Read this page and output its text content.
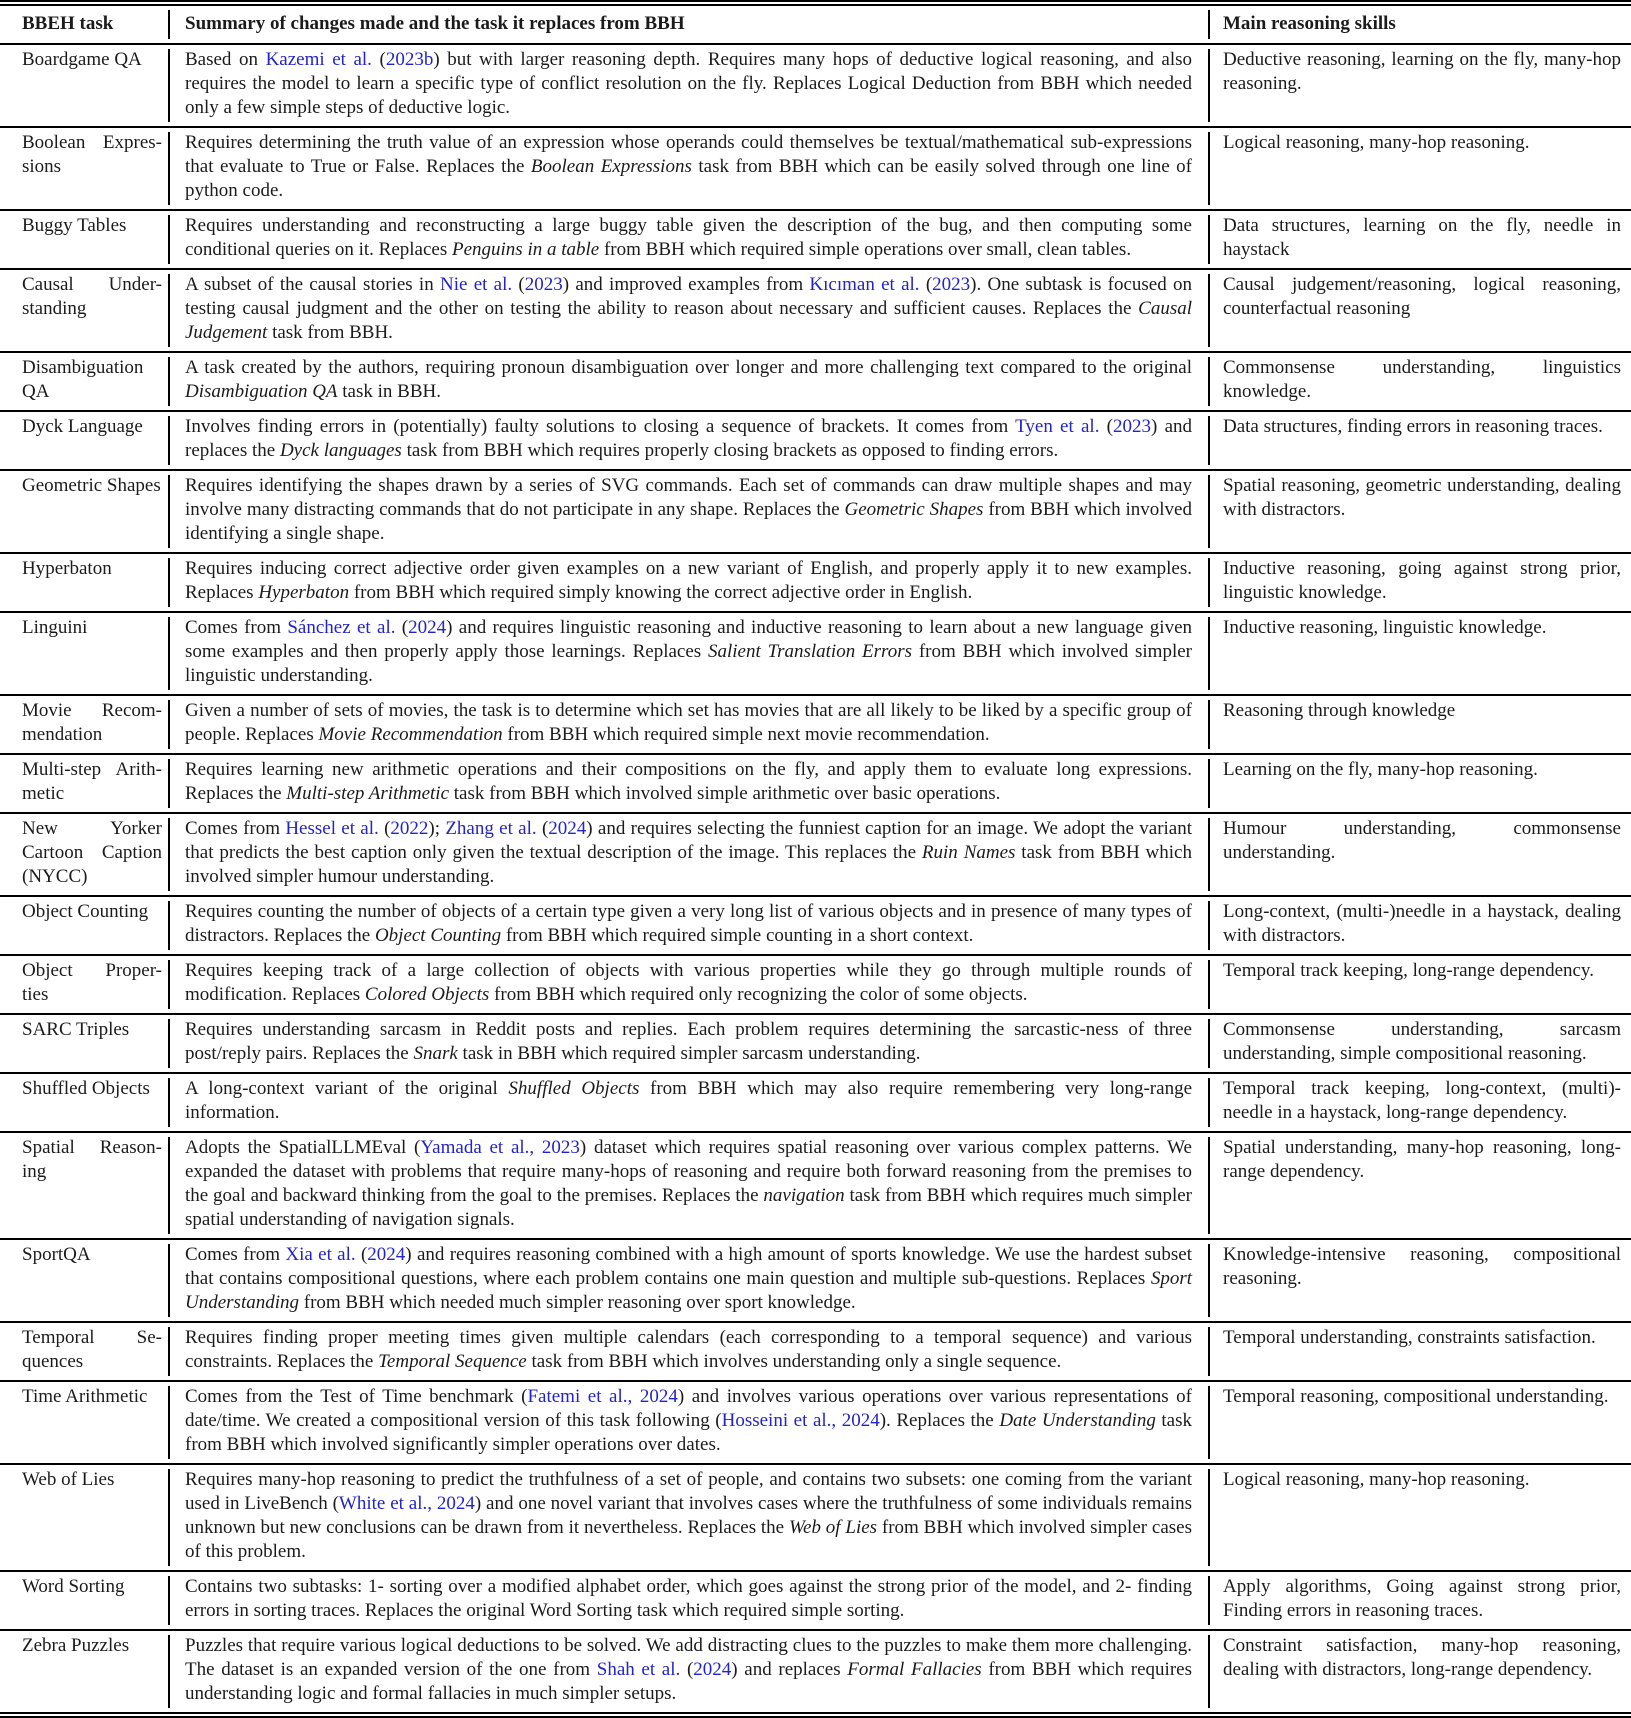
BBEH task	Summary of changes made and the task it replaces from BBH	Main reasoning skills
Boardgame QA	Based on Kazemi et al. (2023b) but with larger reasoning depth. Requires many hops of deductive logical reasoning, and also requires the model to learn a specific type of conflict resolution on the fly. Replaces Logical Deduction from BBH which needed only a few simple steps of deductive logic.	Deductive reasoning, learning on the fly, many-hop reasoning.
Boolean Expres- sions	Requires determining the truth value of an expression whose operands could themselves be textual/mathematical sub-expressions that evaluate to True or False. Replaces the Boolean Expressions task from BBH which can be easily solved through one line of python code.	Logical reasoning, many-hop reasoning.
Buggy Tables	Requires understanding and reconstructing a large buggy table given the description of the bug, and then computing some conditional queries on it. Replaces Penguins in a table from BBH which required simple operations over small, clean tables.	Data structures, learning on the fly, needle in haystack
Causal Under- standing	A subset of the causal stories in Nie et al. (2023) and improved examples from Kıcıman et al. (2023). One subtask is focused on testing causal judgment and the other on testing the ability to reason about necessary and sufficient causes. Replaces the Causal Judgement task from BBH.	Causal judgement/reasoning, logical reasoning, counterfactual reasoning
Disambiguation QA	A task created by the authors, requiring pronoun disambiguation over longer and more challenging text compared to the original Disambiguation QA task in BBH.	Commonsense understanding, linguistics knowledge.
Dyck Language	Involves finding errors in (potentially) faulty solutions to closing a sequence of brackets. It comes from Tyen et al. (2023) and replaces the Dyck languages task from BBH which requires properly closing brackets as opposed to finding errors.	Data structures, finding errors in reasoning traces.
Geometric Shapes	Requires identifying the shapes drawn by a series of SVG commands. Each set of commands can draw multiple shapes and may involve many distracting commands that do not participate in any shape. Replaces the Geometric Shapes from BBH which involved identifying a single shape.	Spatial reasoning, geometric understanding, dealing with distractors.
Hyperbaton	Requires inducing correct adjective order given examples on a new variant of English, and properly apply it to new examples. Replaces Hyperbaton from BBH which required simply knowing the correct adjective order in English.	Inductive reasoning, going against strong prior, linguistic knowledge.
Linguini	Comes from Sánchez et al. (2024) and requires linguistic reasoning and inductive reasoning to learn about a new language given some examples and then properly apply those learnings. Replaces Salient Translation Errors from BBH which involved simpler linguistic understanding.	Inductive reasoning, linguistic knowledge.
Movie Recom- mendation	Given a number of sets of movies, the task is to determine which set has movies that are all likely to be liked by a specific group of people. Replaces Movie Recommendation from BBH which required simple next movie recommendation.	Reasoning through knowledge
Multi-step Arith- metic	Requires learning new arithmetic operations and their compositions on the fly, and apply them to evaluate long expressions. Replaces the Multi-step Arithmetic task from BBH which involved simple arithmetic over basic operations.	Learning on the fly, many-hop reasoning.
New Yorker Cartoon Caption (NYCC)	Comes from Hessel et al. (2022); Zhang et al. (2024) and requires selecting the funniest caption for an image. We adopt the variant that predicts the best caption only given the textual description of the image. This replaces the Ruin Names task from BBH which involved simpler humour understanding.	Humour understanding, commonsense understanding.
Object Counting	Requires counting the number of objects of a certain type given a very long list of various objects and in presence of many types of distractors. Replaces the Object Counting from BBH which required simple counting in a short context.	Long-context, (multi-)needle in a haystack, dealing with distractors.
Object Proper- ties	Requires keeping track of a large collection of objects with various properties while they go through multiple rounds of modification. Replaces Colored Objects from BBH which required only recognizing the color of some objects.	Temporal track keeping, long-range dependency.
SARC Triples	Requires understanding sarcasm in Reddit posts and replies. Each problem requires determining the sarcastic-ness of three post/reply pairs. Replaces the Snark task in BBH which required simpler sarcasm understanding.	Commonsense understanding, sarcasm understanding, simple compositional reasoning.
Shuffled Objects	A long-context variant of the original Shuffled Objects from BBH which may also require remembering very long-range information.	Temporal track keeping, long-context, (multi)-needle in a haystack, long-range dependency.
Spatial Reason- ing	Adopts the SpatialLLMEval (Yamada et al., 2023) dataset which requires spatial reasoning over various complex patterns. We expanded the dataset with problems that require many-hops of reasoning and require both forward reasoning from the premises to the goal and backward thinking from the goal to the premises. Replaces the navigation task from BBH which requires much simpler spatial understanding of navigation signals.	Spatial understanding, many-hop reasoning, long-range dependency.
SportQA	Comes from Xia et al. (2024) and requires reasoning combined with a high amount of sports knowledge. We use the hardest subset that contains compositional questions, where each problem contains one main question and multiple sub-questions. Replaces Sport Understanding from BBH which needed much simpler reasoning over sport knowledge.	Knowledge-intensive reasoning, compositional reasoning.
Temporal Se- quences	Requires finding proper meeting times given multiple calendars (each corresponding to a temporal sequence) and various constraints. Replaces the Temporal Sequence task from BBH which involves understanding only a single sequence.	Temporal understanding, constraints satisfaction.
Time Arithmetic	Comes from the Test of Time benchmark (Fatemi et al., 2024) and involves various operations over various representations of date/time. We created a compositional version of this task following (Hosseini et al., 2024). Replaces the Date Understanding task from BBH which involved significantly simpler operations over dates.	Temporal reasoning, compositional understanding.
Web of Lies	Requires many-hop reasoning to predict the truthfulness of a set of people, and contains two subsets: one coming from the variant used in LiveBench (White et al., 2024) and one novel variant that involves cases where the truthfulness of some individuals remains unknown but new conclusions can be drawn from it nevertheless. Replaces the Web of Lies from BBH which involved simpler cases of this problem.	Logical reasoning, many-hop reasoning.
Word Sorting	Contains two subtasks: 1- sorting over a modified alphabet order, which goes against the strong prior of the model, and 2- finding errors in sorting traces. Replaces the original Word Sorting task which required simple sorting.	Apply algorithms, Going against strong prior, Finding errors in reasoning traces.
Zebra Puzzles	Puzzles that require various logical deductions to be solved. We add distracting clues to the puzzles to make them more challenging. The dataset is an expanded version of the one from Shah et al. (2024) and replaces Formal Fallacies from BBH which requires understanding logic and formal fallacies in much simpler setups.	Constraint satisfaction, many-hop reasoning, dealing with distractors, long-range dependency.
